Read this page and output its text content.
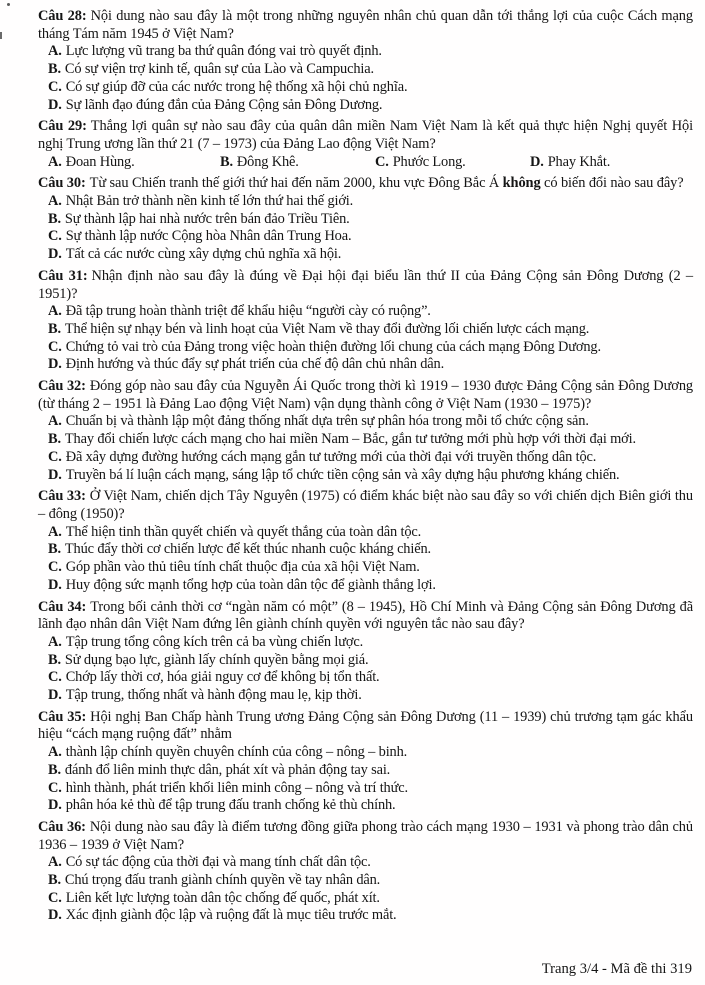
Câu 28: Nội dung nào sau đây là một trong những nguyên nhân chủ quan dẫn tới thắng lợi của cuộc Cách mạng tháng Tám năm 1945 ở Việt Nam?

A. Lực lượng vũ trang ba thứ quân đóng vai trò quyết định.
B. Có sự viện trợ kinh tế, quân sự của Lào và Campuchia.
C. Có sự giúp đỡ của các nước trong hệ thống xã hội chủ nghĩa.
D. Sự lãnh đạo đúng đắn của Đảng Cộng sản Đông Dương.

Câu 29: Thắng lợi quân sự nào sau đây của quân dân miền Nam Việt Nam là kết quả thực hiện Nghị quyết Hội nghị Trung ương lần thứ 21 (7 – 1973) của Đảng Lao động Việt Nam?

A. Đoan Hùng.	B. Đông Khê.	C. Phước Long.	D. Phay Khắt.

Câu 30: Từ sau Chiến tranh thế giới thứ hai đến năm 2000, khu vực Đông Bắc Á không có biến đổi nào sau đây?

A. Nhật Bản trở thành nền kinh tế lớn thứ hai thế giới.
B. Sự thành lập hai nhà nước trên bán đảo Triều Tiên.
C. Sự thành lập nước Cộng hòa Nhân dân Trung Hoa.
D. Tất cả các nước cùng xây dựng chủ nghĩa xã hội.

Câu 31: Nhận định nào sau đây là đúng về Đại hội đại biểu lần thứ II của Đảng Cộng sản Đông Dương (2 – 1951)?

A. Đã tập trung hoàn thành triệt để khẩu hiệu “người cày có ruộng”.
B. Thể hiện sự nhạy bén và linh hoạt của Việt Nam về thay đổi đường lối chiến lược cách mạng.
C. Chứng tỏ vai trò của Đảng trong việc hoàn thiện đường lối chung của cách mạng Đông Dương.
D. Định hướng và thúc đẩy sự phát triển của chế độ dân chủ nhân dân.

Câu 32: Đóng góp nào sau đây của Nguyễn Ái Quốc trong thời kì 1919 – 1930 được Đảng Cộng sản Đông Dương (từ tháng 2 – 1951 là Đảng Lao động Việt Nam) vận dụng thành công ở Việt Nam (1930 – 1975)?

A. Chuẩn bị và thành lập một đảng thống nhất dựa trên sự phân hóa trong mỗi tổ chức cộng sản.
B. Thay đổi chiến lược cách mạng cho hai miền Nam – Bắc, gắn tư tưởng mới phù hợp với thời đại mới.
C. Đã xây dựng đường hướng cách mạng gắn tư tưởng mới của thời đại với truyền thống dân tộc.
D. Truyền bá lí luận cách mạng, sáng lập tổ chức tiền cộng sản và xây dựng hậu phương kháng chiến.

Câu 33: Ở Việt Nam, chiến dịch Tây Nguyên (1975) có điểm khác biệt nào sau đây so với chiến dịch Biên giới thu – đông (1950)?

A. Thể hiện tinh thần quyết chiến và quyết thắng của toàn dân tộc.
B. Thúc đẩy thời cơ chiến lược để kết thúc nhanh cuộc kháng chiến.
C. Góp phần vào thủ tiêu tính chất thuộc địa của xã hội Việt Nam.
D. Huy động sức mạnh tổng hợp của toàn dân tộc để giành thắng lợi.

Câu 34: Trong bối cảnh thời cơ “ngàn năm có một” (8 – 1945), Hồ Chí Minh và Đảng Cộng sản Đông Dương đã lãnh đạo nhân dân Việt Nam đứng lên giành chính quyền với nguyên tắc nào sau đây?

A. Tập trung tổng công kích trên cả ba vùng chiến lược.
B. Sử dụng bạo lực, giành lấy chính quyền bằng mọi giá.
C. Chớp lấy thời cơ, hóa giải nguy cơ để không bị tổn thất.
D. Tập trung, thống nhất và hành động mau lẹ, kịp thời.

Câu 35: Hội nghị Ban Chấp hành Trung ương Đảng Cộng sản Đông Dương (11 – 1939) chủ trương tạm gác khẩu hiệu “cách mạng ruộng đất” nhằm

A. thành lập chính quyền chuyên chính của công – nông – binh.
B. đánh đổ liên minh thực dân, phát xít và phản động tay sai.
C. hình thành, phát triển khối liên minh công – nông và trí thức.
D. phân hóa kẻ thù để tập trung đấu tranh chống kẻ thù chính.

Câu 36: Nội dung nào sau đây là điểm tương đồng giữa phong trào cách mạng 1930 – 1931 và phong trào dân chủ 1936 – 1939 ở Việt Nam?

A. Có sự tác động của thời đại và mang tính chất dân tộc.
B. Chú trọng đấu tranh giành chính quyền về tay nhân dân.
C. Liên kết lực lượng toàn dân tộc chống đế quốc, phát xít.
D. Xác định giành độc lập và ruộng đất là mục tiêu trước mắt.
Trang 3/4 - Mã đề thi 319
